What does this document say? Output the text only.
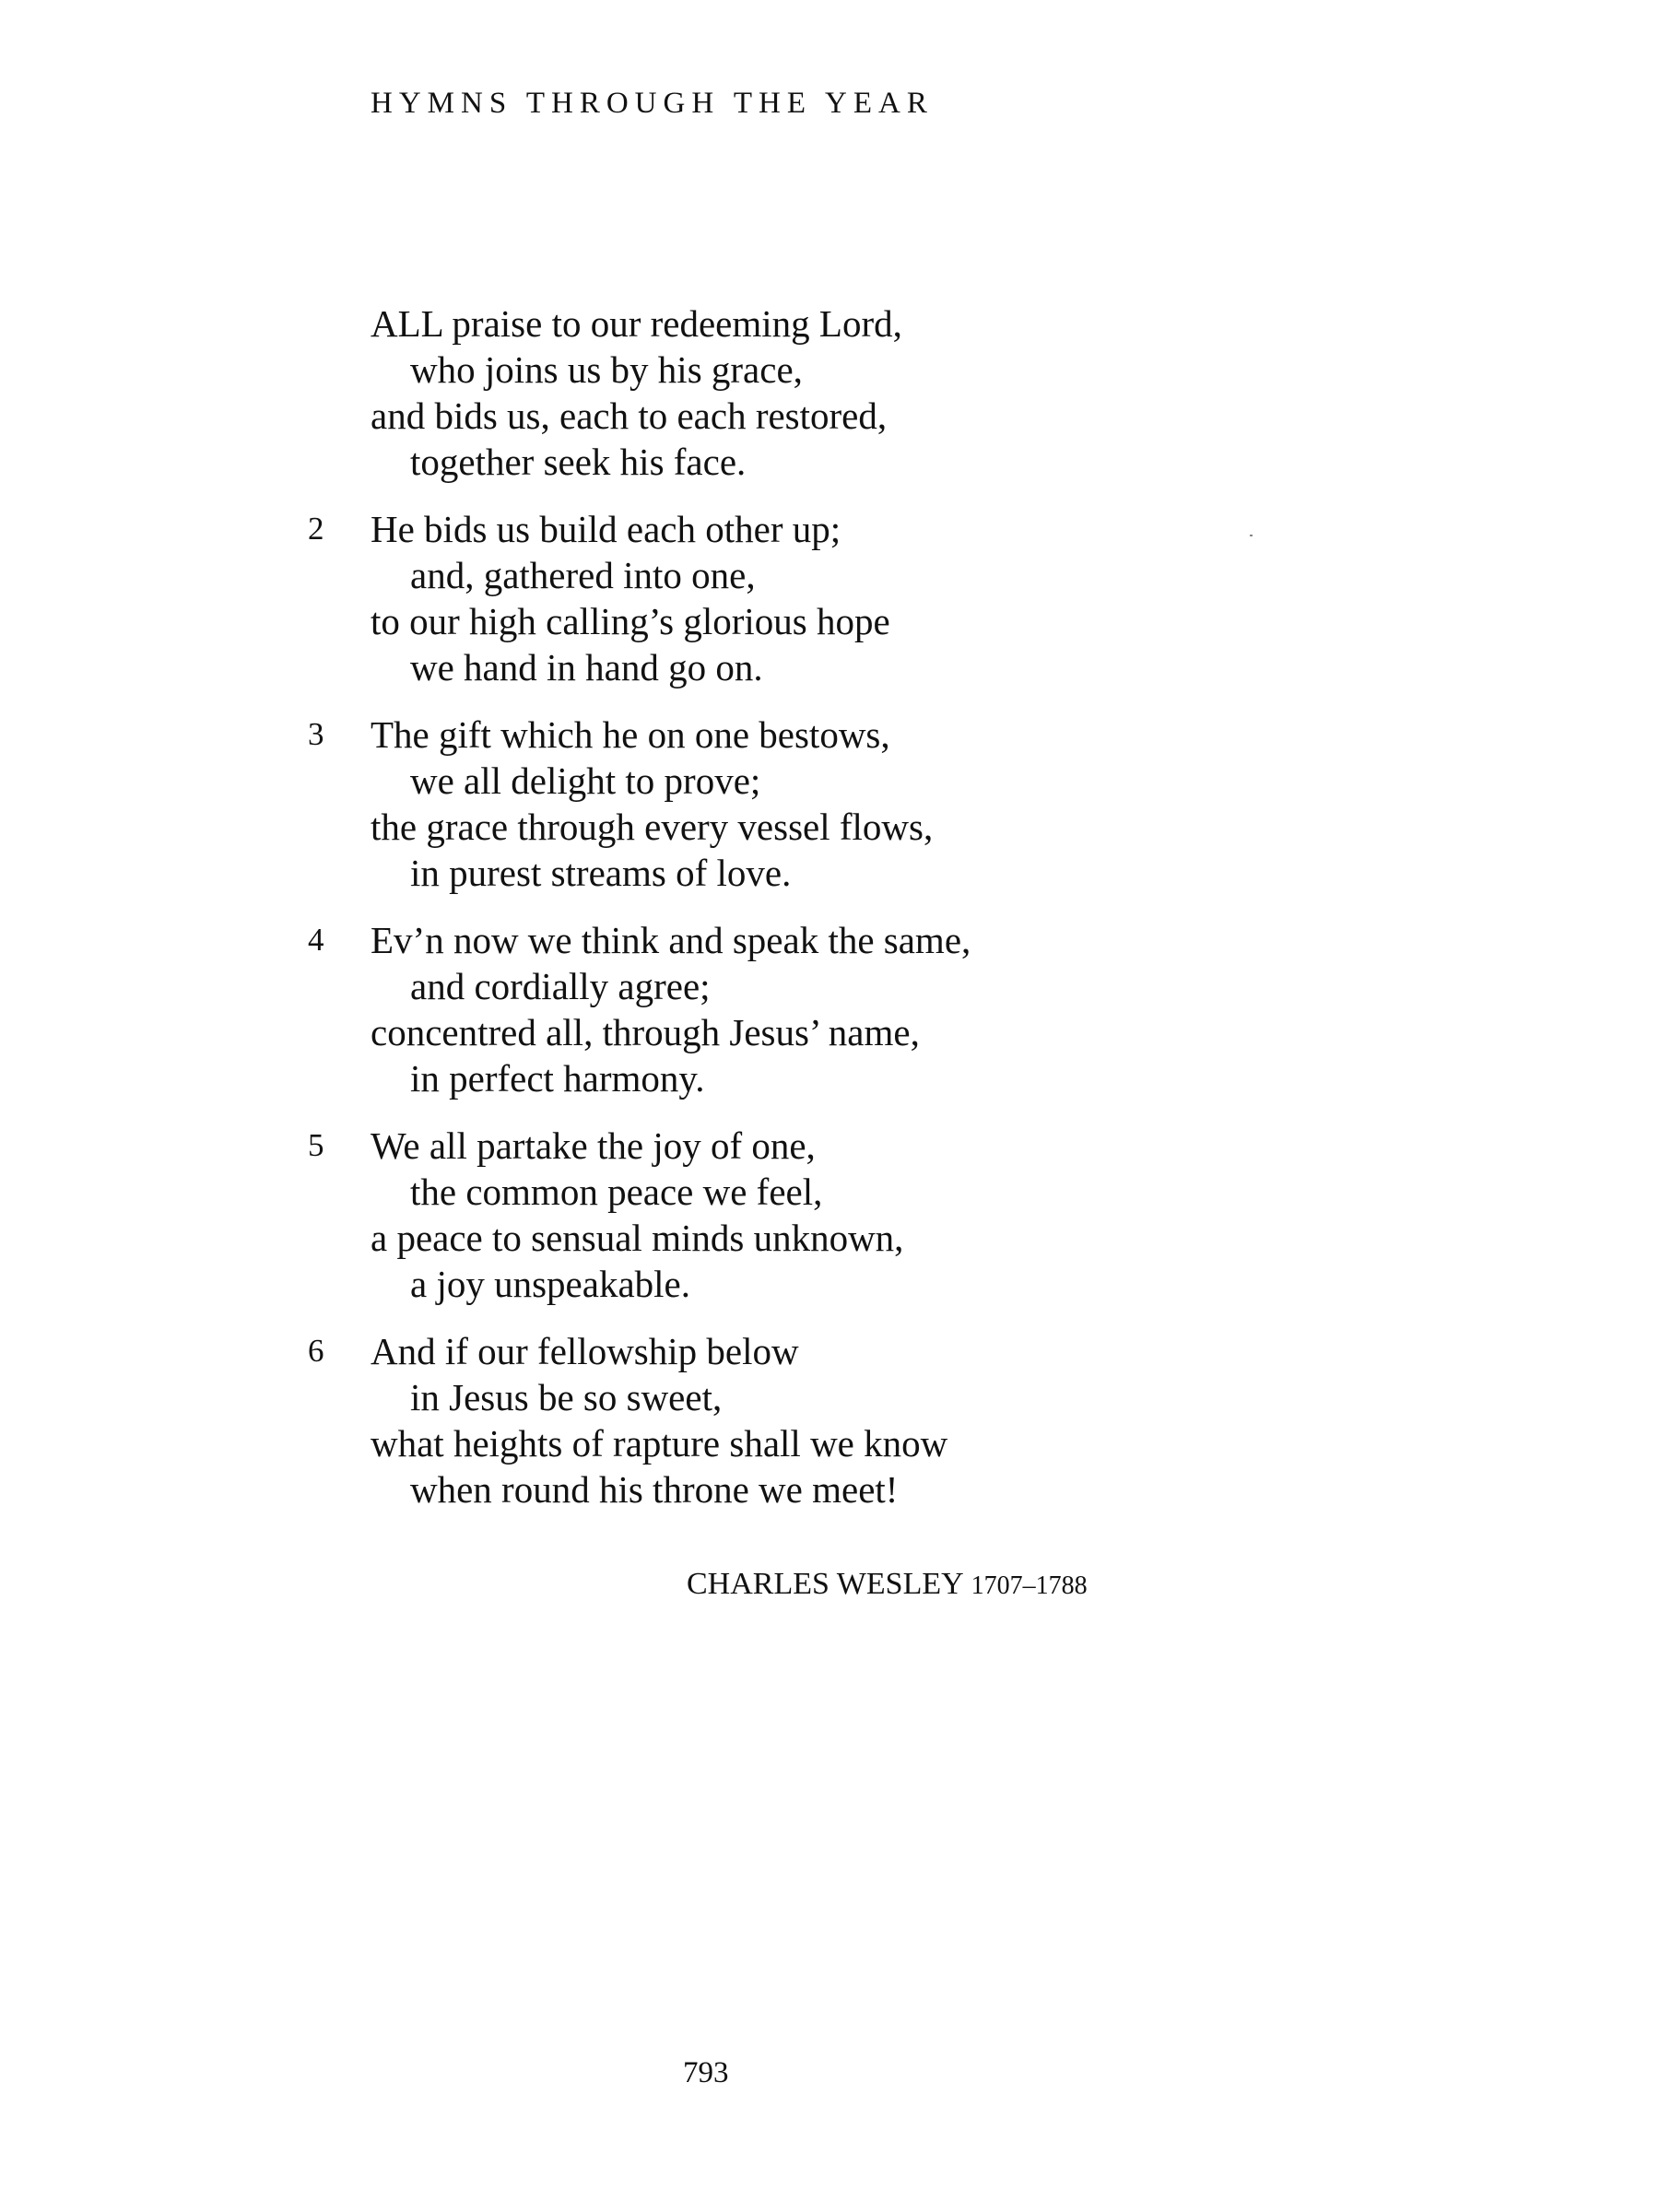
HYMNS THROUGH THE YEAR
ALL praise to our redeeming Lord,
who joins us by his grace,
and bids us, each to each restored,
together seek his face.
2 He bids us build each other up;
and, gathered into one,
to our high calling’s glorious hope
we hand in hand go on.
3 The gift which he on one bestows,
we all delight to prove;
the grace through every vessel flows,
in purest streams of love.
4 Ev’n now we think and speak the same,
and cordially agree;
concentred all, through Jesus’ name,
in perfect harmony.
5 We all partake the joy of one,
the common peace we feel,
a peace to sensual minds unknown,
a joy unspeakable.
6 And if our fellowship below
in Jesus be so sweet,
what heights of rapture shall we know
when round his throne we meet!
CHARLES WESLEY 1707–1788
793
